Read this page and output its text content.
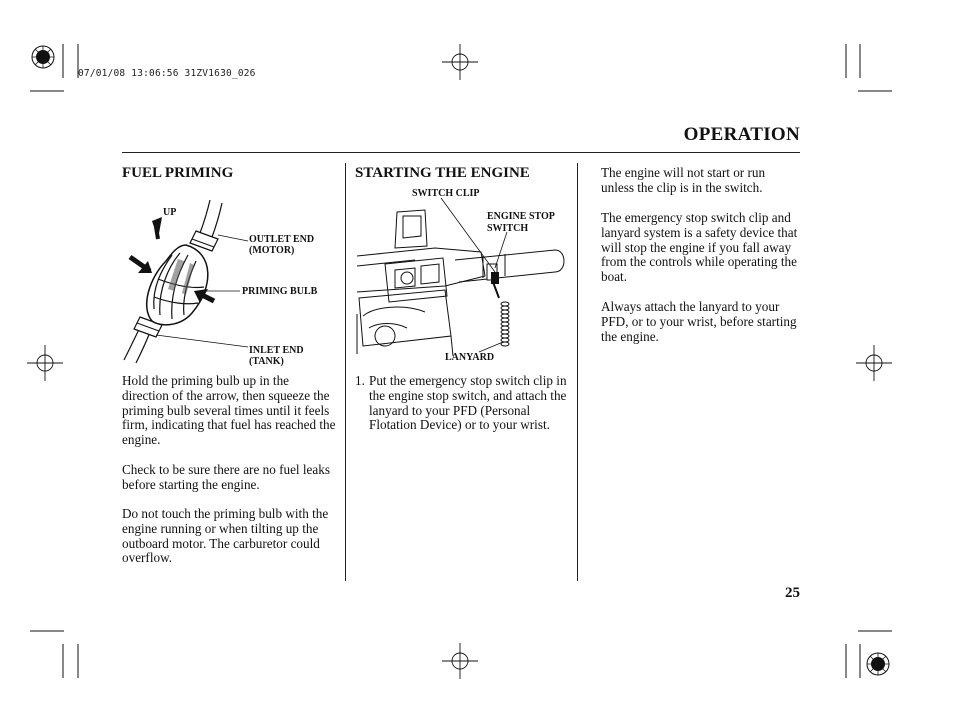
07/01/08 13:06:56 31ZV1630_026
OPERATION
FUEL PRIMING
UP
OUTLET END
(MOTOR)
PRIMING BULB
INLET END
(TANK)

Hold the priming bulb up in the direction of the arrow, then squeeze the priming bulb several times until it feels firm, indicating that fuel has reached the engine.

Check to be sure there are no fuel leaks before starting the engine.

Do not touch the priming bulb with the engine running or when tilting up the outboard motor. The carburetor could overflow.

STARTING THE ENGINE
SWITCH CLIP
ENGINE STOP
SWITCH
LANYARD
1. Put the emergency stop switch clip in the engine stop switch, and attach the lanyard to your PFD (Personal Flotation Device) or to your wrist.

The engine will not start or run unless the clip is in the switch.

The emergency stop switch clip and lanyard system is a safety device that will stop the engine if you fall away from the controls while operating the boat.

Always attach the lanyard to your PFD, or to your wrist, before starting the engine.

25
